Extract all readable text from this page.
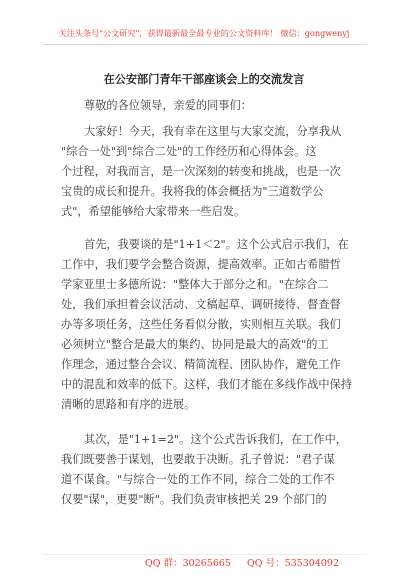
关注头条号"公文研究"，获得最新最全最专业的公文资料库！ 微信：gongwenyj
在公安部门青年干部座谈会上的交流发言
尊敬的各位领导，亲爱的同事们：
大家好！今天，我有幸在这里与大家交流，分享我从
"综合一处"到"综合二处"的工作经历和心得体会。这
个过程，对我而言，是一次深刻的转变和挑战，也是一次
宝贵的成长和提升。我将我的体会概括为"三道数学公
式"，希望能够给大家带来一些启发。
首先，我要谈的是"1+1＜2"。这个公式启示我们，在
工作中，我们要学会整合资源，提高效率。正如古希腊哲
学家亚里士多德所说："整体大于部分之和。"在综合二
处，我们承担着会议活动、文稿起草、调研接待、督查督
办等多项任务，这些任务看似分散，实则相互关联。我们
必须树立"整合是最大的集约、协同是最大的高效"的工
作理念，通过整合会议、精简流程、团队协作，避免工作
中的混乱和效率的低下。这样，我们才能在多线作战中保持
清晰的思路和有序的进展。
其次，是"1+1=2"。这个公式告诉我们，在工作中，
我们既要善于谋划，也要敢于决断。孔子曾说："君子谋
道不谋食。"与综合一处的工作不同，综合二处的工作不
仅要"谋"，更要"断"。我们负责审核把关 29 个部门的
QQ 群：30265665 QQ 号：535304092
